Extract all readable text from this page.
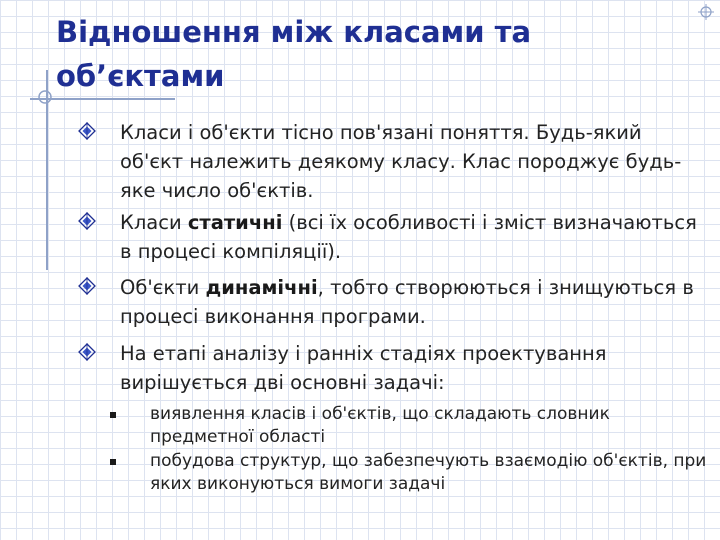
Відношення між класами та
об’єктами
Класи і об'єкти тісно пов'язані поняття. Будь-який об'єкт належить деякому класу. Клас породжує будь-яке число об'єктів.
Класи статичні (всі їх особливості і зміст визначаються в процесі компіляції).
Об'єкти динамічні, тобто створюються і знищуються в процесі виконання програми.
На етапі аналізу і ранніх стадіях проектування вирішується дві основні задачі:
виявлення класів і об'єктів, що складають словник предметної області
побудова структур, що забезпечують взаємодію об'єктів, при яких виконуються вимоги задачі
